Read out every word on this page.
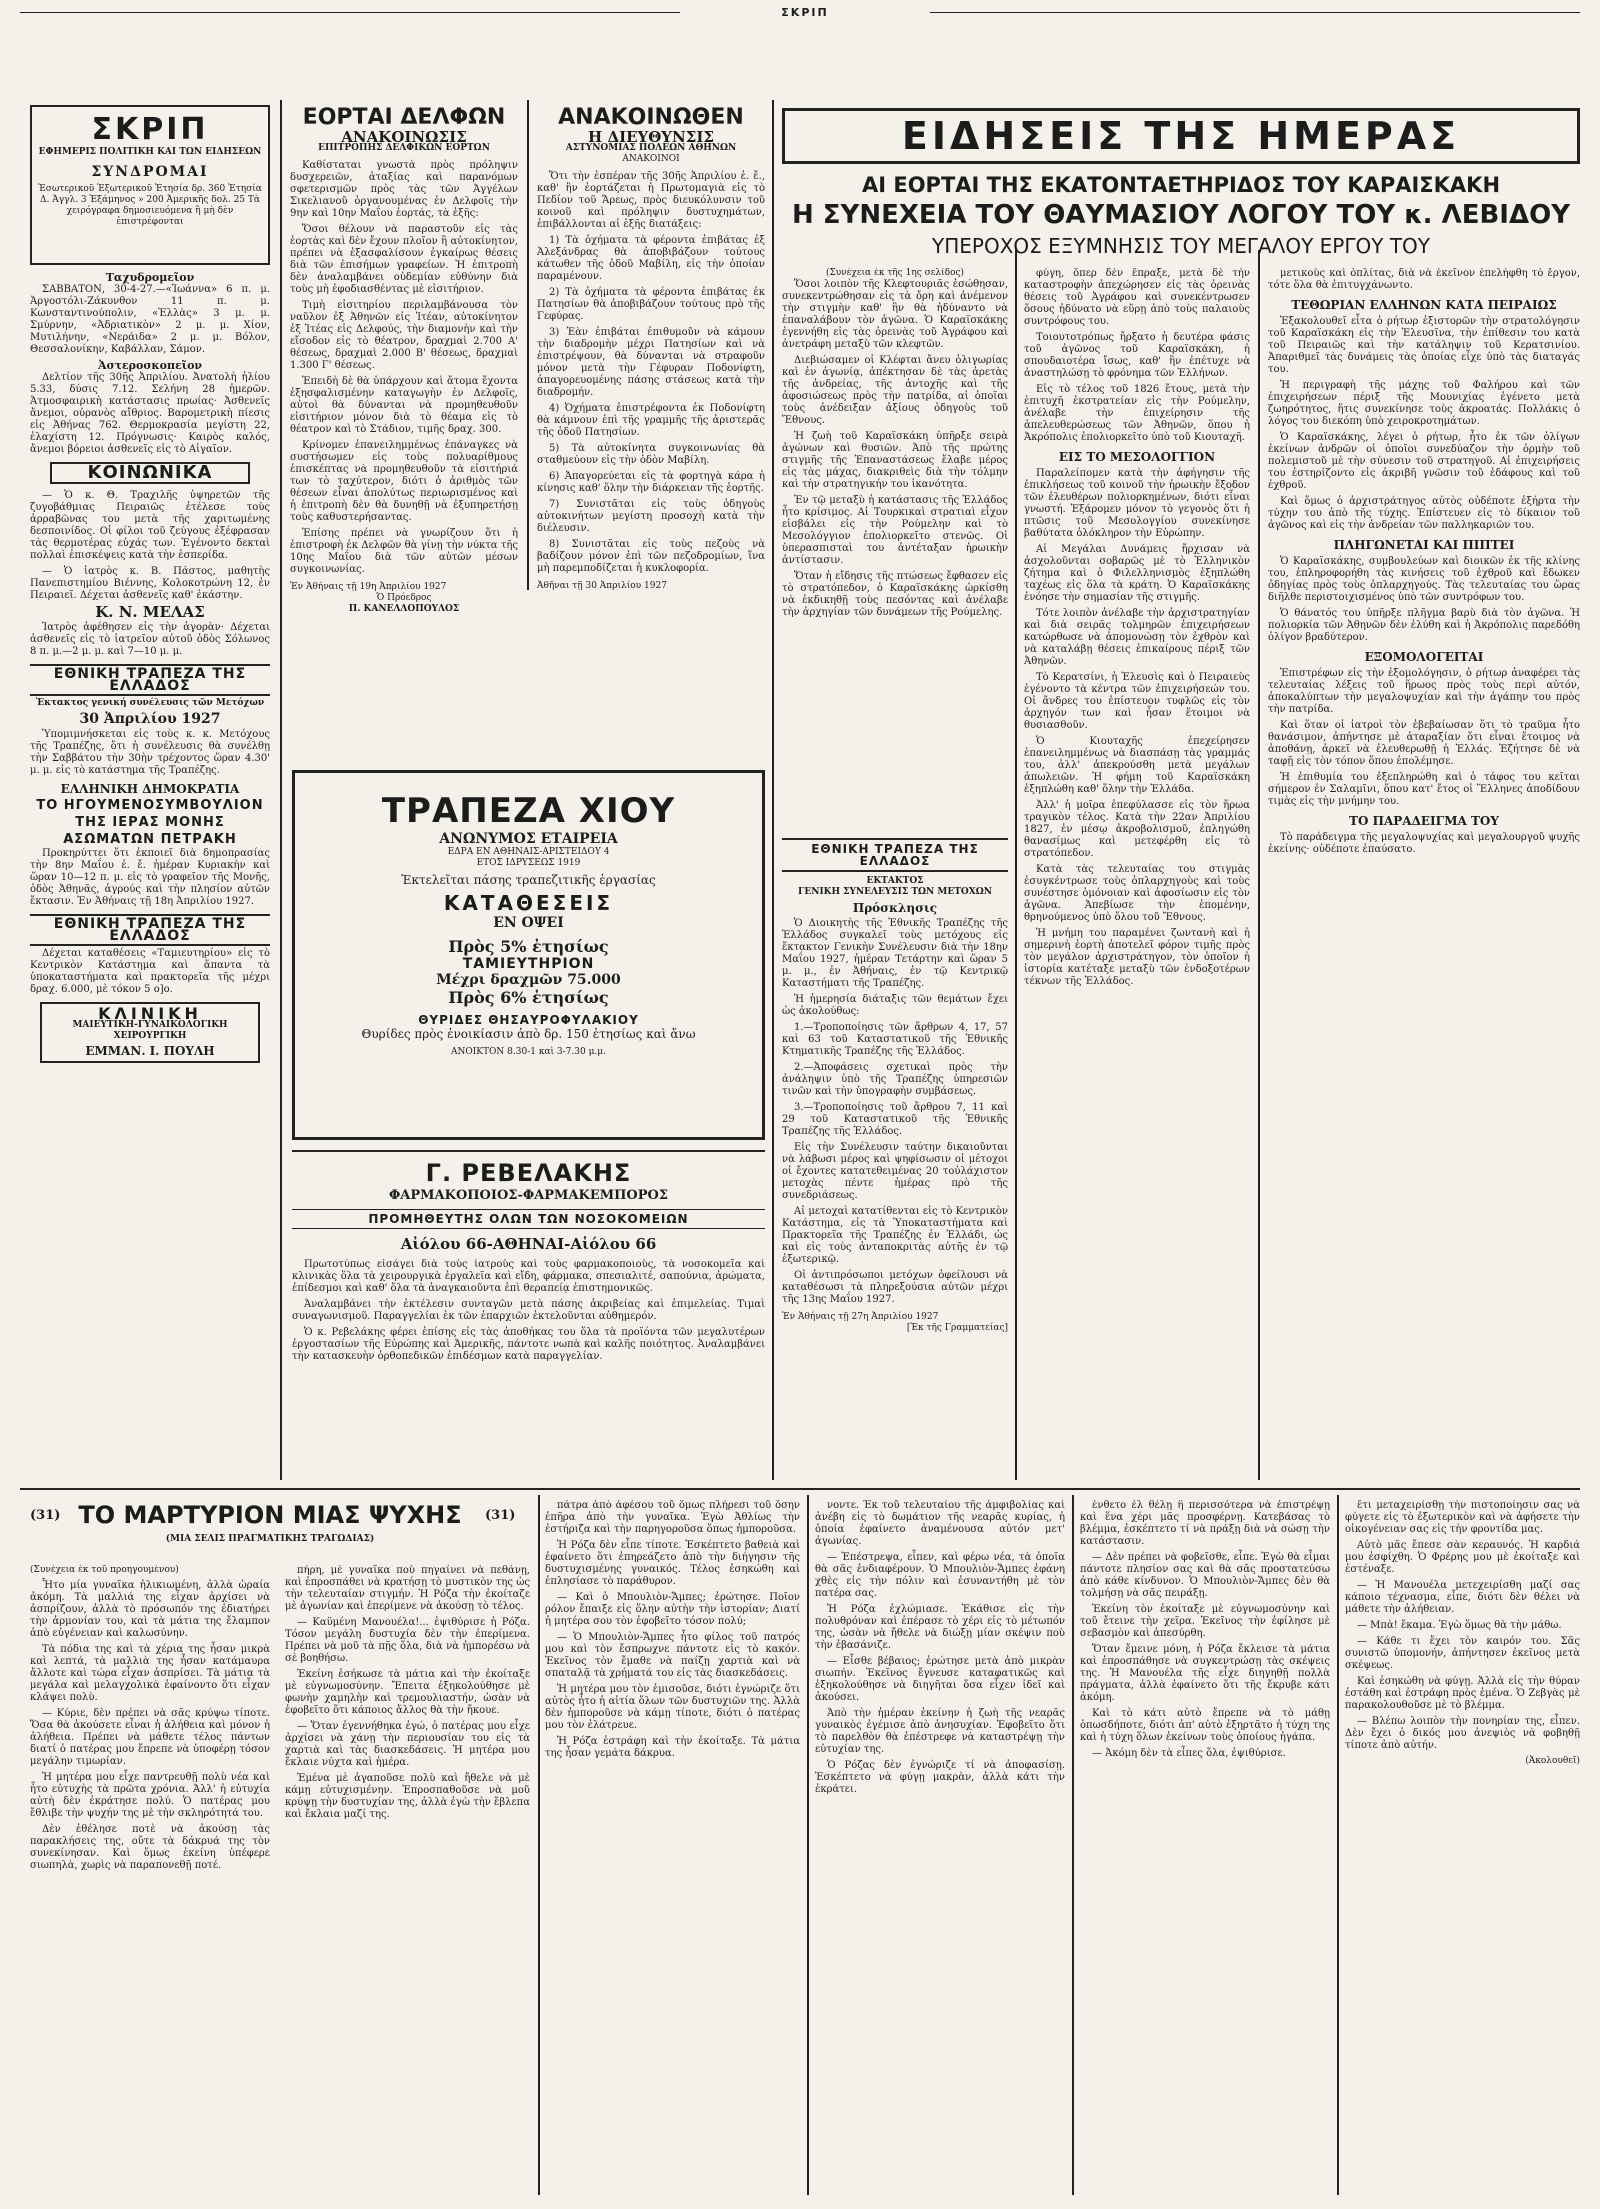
ΣΚΡΙΠ
ΣΚΡΙΠ
ΕΦΗΜΕΡΙΣ ΠΟΛΙΤΙΚΗ ΚΑΙ ΤΩΝ ΕΙΔΗΣΕΩΝ
ΣΥΝΔΡΟΜΑΙ
Ἐσωτερικοῦ Ἐξωτερικοῦ Ἐτησία δρ. 360 Ἐτησία Δ. Ἀγγλ. 3 Ἑξάμηνος » 200 Ἀμερικῆς δολ. 25 Τὰ χειρόγραφα δημοσιευόμενα ἢ μὴ δὲν ἐπιστρέφονται
Ταχυδρομεῖον

ΣΑΒΒΑΤΟΝ, 30-4-27.—«Ἰωάννα» 6 π. μ. Ἀργοστόλι-Ζάκυνθον 11 π. μ. Κωνσταντινούπολιν, «Ἑλλὰς» 3 μ. μ. Σμύρνην, «Ἀδριατικὸν» 2 μ. μ. Χίον, Μυτιλήνην, «Νεράιδα» 2 μ. μ. Βόλον, Θεσσαλονίκην, Καβάλλαν, Σάμον.

Ἀστεροσκοπεῖον

Δελτίον τῆς 30ῆς Ἀπριλίου. Ἀνατολὴ ἡλίου 5.33, δύσις 7.12. Σελήνη 28 ἡμερῶν. Ἀτμοσφαιρικὴ κατάστασις πρωίας· Ἀσθενεῖς ἄνεμοι, οὐρανὸς αἴθριος. Βαρομετρικὴ πίεσις εἰς Ἀθήνας 762. Θερμοκρασία μεγίστη 22, ἐλαχίστη 12. Πρόγνωσις· Καιρὸς καλός, ἄνεμοι βόρειοι ἀσθενεῖς εἰς τὸ Αἰγαῖον.

ΚΟΙΝΩΝΙΚΑ

— Ὁ κ. Θ. Τραχιλῆς ὑψηρετῶν τῆς ζυγοβάθμιας Πειραιῶς ἐτέλεσε τοὺς ἀρραβῶνας του μετὰ τῆς χαριτωμένης δεσποινίδος. Οἱ φίλοι τοῦ ζεύγους ἐξέφρασαν τὰς θερμοτέρας εὐχάς των. Ἐγένοντο δεκταὶ πολλαὶ ἐπισκέψεις κατὰ τὴν ἑσπερίδα.

— Ὁ ἰατρὸς κ. Β. Πάστος, μαθητὴς Πανεπιστημίου Βιέννης, Κολοκοτρώνη 12, ἐν Πειραιεῖ. Δέχεται ἀσθενεῖς καθ' ἑκάστην.

Κ. Ν. ΜΕΛΑΣ

Ἰατρὸς ἀφέθησεν εἰς τὴν ἀγορὰν· Δέχεται ἀσθενεῖς εἰς τὸ ἰατρεῖον αὐτοῦ ὁδὸς Σόλωνος 8 π. μ.—2 μ. μ. καὶ 7—10 μ. μ.

ΕΘΝΙΚΗ ΤΡΑΠΕΖΑ ΤΗΣ ΕΛΛΑΔΟΣ
Ἐκτακτος γενική συνέλευσις τῶν Μετόχων
30 Ἀπριλίου 1927

Ὑπομιμνήσκεται εἰς τοὺς κ. κ. Μετόχους τῆς Τραπέζης, ὅτι ἡ συνέλευσις θὰ συνέλθῃ τὴν Σαββάτου τὴν 30ὴν τρέχοντος ὥραν 4.30' μ. μ. εἰς τὸ κατάστημα τῆς Τραπέζης.

ΕΛΛΗΝΙΚΗ ΔΗΜΟΚΡΑΤΙΑ
ΤΟ ΗΓΟΥΜΕΝΟΣΥΜΒΟΥΛΙΟΝ ΤΗΣ ΙΕΡΑΣ ΜΟΝΗΣ ΑΣΩΜΑΤΩΝ ΠΕΤΡΑΚΗ

Προκηρύττει ὅτι ἐκποιεῖ διὰ δημοπρασίας τὴν 8ην Μαΐου ἐ. ἔ. ἡμέραν Κυριακὴν καὶ ὥραν 10—12 π. μ. εἰς τὸ γραφεῖον τῆς Μονῆς, ὁδὸς Ἀθηνᾶς, ἀγρούς καὶ τὴν πλησίον αὐτῶν ἔκτασιν. Ἐν Ἀθήναις τῇ 18η Ἀπριλίου 1927.

ΕΘΝΙΚΗ ΤΡΑΠΕΖΑ ΤΗΣ ΕΛΛΑΔΟΣ

Δέχεται καταθέσεις «Ταμιευτηρίου» εἰς τὸ Κεντρικὸν Κατάστημα καὶ ἅπαντα τὰ ὑποκαταστήματα καὶ πρακτορεῖα τῆς μέχρι δραχ. 6.000, μὲ τόκον 5 ο]ο.

ΚΛΙΝΙΚΗ
ΜΑΙΕΥΤΙΚΗ-ΓΥΝΑΙΚΟΛΟΓΙΚΗ ΧΕΙΡΟΥΡΓΙΚΗ
ΕΜΜΑΝ. Ι. ΠΟΥΛΗ
ΕΟΡΤΑΙ ΔΕΛΦΩΝ
ΑΝΑΚΟΙΝΩΣΙΣ
ΕΠΙΤΡΟΠΗΣ ΔΕΛΦΙΚΩΝ ΕΟΡΤΩΝ

Καθίσταται γνωστὰ πρὸς πρόληψιν δυσχερειῶν, ἀταξίας καὶ παρανόμων σφετερισμῶν πρὸς τὰς τῶν Ἀγγέλων Σικελιανοῦ ὀργανουμένας ἐν Δελφοῖς τὴν 9ην καὶ 10ην Μαΐου ἑορτάς, τὰ ἑξῆς:

Ὅσοι θέλουν νὰ παραστοῦν εἰς τὰς ἑορτὰς καὶ δὲν ἔχουν πλοῖον ἢ αὐτοκίνητον, πρέπει νὰ ἐξασφαλίσουν ἐγκαίρως θέσεις διὰ τῶν ἐπισήμων γραφείων. Ἡ ἐπιτροπὴ δὲν ἀναλαμβάνει οὐδεμίαν εὐθύνην διὰ τοὺς μὴ ἐφοδιασθέντας μὲ εἰσιτήριον.

Τιμὴ εἰσιτηρίου περιλαμβάνουσα τὸν ναῦλον ἐξ Ἀθηνῶν εἰς Ἰτέαν, αὐτοκίνητον ἐξ Ἰτέας εἰς Δελφούς, τὴν διαμονὴν καὶ τὴν εἴσοδον εἰς τὸ θέατρον, δραχμαὶ 2.700 Α' θέσεως, δραχμαὶ 2.000 Β' θέσεως, δραχμαὶ 1.300 Γ' θέσεως.

Ἐπειδὴ δὲ θὰ ὑπάρχουν καὶ ἄτομα ἔχοντα ἐξησφαλισμένην καταγωγὴν ἐν Δελφοῖς, αὐτοὶ θὰ δύνανται νὰ προμηθευθοῦν εἰσιτήριον μόνον διὰ τὸ θέαμα εἰς τὸ θέατρον καὶ τὸ Στάδιον, τιμῆς δραχ. 300.

Κρίνομεν ἐπανειλημμένως ἐπάναγκες νὰ συστήσωμεν εἰς τοὺς πολυαρίθμους ἐπισκέπτας νὰ προμηθευθοῦν τὰ εἰσιτήριά των τὸ ταχύτερον, διότι ὁ ἀριθμὸς τῶν θέσεων εἶναι ἀπολύτως περιωρισμένος καὶ ἡ ἐπιτροπὴ δὲν θὰ δυνηθῇ νὰ ἐξυπηρετήσῃ τοὺς καθυστερήσαντας.

Ἐπίσης πρέπει νὰ γνωρίζουν ὅτι ἡ ἐπιστροφὴ ἐκ Δελφῶν θὰ γίνῃ τὴν νύκτα τῆς 10ης Μαΐου διὰ τῶν αὐτῶν μέσων συγκοινωνίας.

Ἐν Ἀθήναις τῇ 19η Ἀπριλίου 1927
Ὁ Πρόεδρος
Π. ΚΑΝΕΛΛΟΠΟΥΛΟΣ
ΑΝΑΚΟΙΝΩΘΕΝ
Η ΔΙΕΥΘΥΝΣΙΣ
ΑΣΤΥΝΟΜΙΑΣ ΠΟΛΕΩΝ ΑΘΗΝΩΝ
ΑΝΑΚΟΙΝΟΙ

Ὅτι τὴν ἑσπέραν τῆς 30ῆς Ἀπριλίου ἐ. ἔ., καθ' ἣν ἑορτάζεται ἡ Πρωτομαγιὰ εἰς τὸ Πεδίον τοῦ Ἄρεως, πρὸς διευκόλυνσιν τοῦ κοινοῦ καὶ πρόληψιν δυστυχημάτων, ἐπιβάλλονται αἱ ἑξῆς διατάξεις:

1) Τὰ ὀχήματα τὰ φέροντα ἐπιβάτας ἐξ Ἀλεξάνδρας θὰ ἀποβιβάζουν τούτους κάτωθεν τῆς ὁδοῦ Μαβίλη, εἰς τὴν ὁποίαν παραμένουν.

2) Τὰ ὀχήματα τὰ φέροντα ἐπιβάτας ἐκ Πατησίων θὰ ἀποβιβάζουν τούτους πρὸ τῆς Γεφύρας.

3) Ἐὰν ἐπιβάται ἐπιθυμοῦν νὰ κάμουν τὴν διαδρομὴν μέχρι Πατησίων καὶ νὰ ἐπιστρέψουν, θὰ δύνανται νὰ στραφοῦν μόνον μετὰ τὴν Γέφυραν Ποδονίφτη, ἀπαγορευομένης πάσης στάσεως κατὰ τὴν διαδρομήν.

4) Ὀχήματα ἐπιστρέφοντα ἐκ Ποδονίφτη θὰ κάμνουν ἐπὶ τῆς γραμμῆς τῆς ἀριστερᾶς τῆς ὁδοῦ Πατησίων.

5) Τὰ αὐτοκίνητα συγκοινωνίας θὰ σταθμεύουν εἰς τὴν ὁδὸν Μαβίλη.

6) Ἀπαγορεύεται εἰς τὰ φορτηγὰ κάρα ἡ κίνησις καθ' ὅλην τὴν διάρκειαν τῆς ἑορτῆς.

7) Συνιστᾶται εἰς τοὺς ὁδηγοὺς αὐτοκινήτων μεγίστη προσοχὴ κατὰ τὴν διέλευσιν.

8) Συνιστᾶται εἰς τοὺς πεζοὺς νὰ βαδίζουν μόνον ἐπὶ τῶν πεζοδρομίων, ἵνα μὴ παρεμποδίζεται ἡ κυκλοφορία.

Ἀθῆναι τῇ 30 Ἀπριλίου 1927
ΕΙΔΗΣΕΙΣ ΤΗΣ ΗΜΕΡΑΣ
ΑΙ ΕΟΡΤΑΙ ΤΗΣ ΕΚΑΤΟΝΤΑΕΤΗΡΙΔΟΣ ΤΟΥ ΚΑΡΑΙΣΚΑΚΗ
Η ΣΥΝΕΧΕΙΑ ΤΟΥ ΘΑΥΜΑΣΙΟΥ ΛΟΓΟΥ ΤΟΥ κ. ΛΕΒΙΔΟΥ
ΥΠΕΡΟΧΟΣ ΕΞΥΜΝΗΣΙΣ ΤΟΥ ΜΕΓΑΛΟΥ ΕΡΓΟΥ ΤΟΥ
(Συνέχεια ἐκ τῆς 1ης σελίδος)

Ὅσοι λοιπὸν τῆς Κλεφτουριᾶς ἐσώθησαν, συνεκεντρώθησαν εἰς τὰ ὄρη καὶ ἀνέμενον τὴν στιγμὴν καθ' ἣν θὰ ἠδύναντο νὰ ἐπαναλάβουν τὸν ἀγῶνα. Ὁ Καραϊσκάκης ἐγεννήθη εἰς τὰς ὀρεινὰς τοῦ Ἀγράφου καὶ ἀνετράφη μεταξὺ τῶν κλεφτῶν.

Διεβιώσαμεν οἱ Κλέφται ἄνευ ὀλιγωρίας καὶ ἐν ἀγωνίᾳ, ἀπέκτησαν δὲ τὰς ἀρετὰς τῆς ἀνδρείας, τῆς ἀντοχῆς καὶ τῆς ἀφοσιώσεως πρὸς τὴν πατρίδα, αἱ ὁποῖαι τοὺς ἀνέδειξαν ἀξίους ὁδηγοὺς τοῦ Ἔθνους.

Ἡ ζωὴ τοῦ Καραϊσκάκη ὑπῆρξε σειρὰ ἀγώνων καὶ θυσιῶν. Ἀπὸ τῆς πρώτης στιγμῆς τῆς Ἐπαναστάσεως ἔλαβε μέρος εἰς τὰς μάχας, διακριθεὶς διὰ τὴν τόλμην καὶ τὴν στρατηγικήν του ἱκανότητα.

Ἐν τῷ μεταξὺ ἡ κατάστασις τῆς Ἑλλάδος ἦτο κρίσιμος. Αἱ Τουρκικαὶ στρατιαὶ εἶχον εἰσβάλει εἰς τὴν Ρούμελην καὶ τὸ Μεσολόγγιον ἐπολιορκεῖτο στενῶς. Οἱ ὑπερασπισταὶ του ἀντέταξαν ἡρωικὴν ἀντίστασιν.

Ὅταν ἡ εἴδησις τῆς πτώσεως ἔφθασεν εἰς τὸ στρατόπεδον, ὁ Καραϊσκάκης ὡρκίσθη νὰ ἐκδικηθῇ τοὺς πεσόντας καὶ ἀνέλαβε τὴν ἀρχηγίαν τῶν δυνάμεων τῆς Ρούμελης.

φύγη, ὅπερ δὲν ἔπραξε, μετὰ δὲ τὴν καταστροφὴν ἀπεχώρησεν εἰς τὰς ὀρεινὰς θέσεις τοῦ Ἀγράφου καὶ συνεκέντρωσεν ὅσους ἠδύνατο νὰ εὕρῃ ἀπὸ τοὺς παλαιοὺς συντρόφους του.

Τοιουτοτρόπως ἤρξατο ἡ δευτέρα φάσις τοῦ ἀγῶνος τοῦ Καραϊσκάκη, ἡ σπουδαιοτέρα ἴσως, καθ' ἣν ἐπέτυχε νὰ ἀναστηλώσῃ τὸ φρόνημα τῶν Ἑλλήνων.

Εἰς τὸ τέλος τοῦ 1826 ἔτους, μετὰ τὴν ἐπιτυχῆ ἐκστρατείαν εἰς τὴν Ρούμελην, ἀνέλαβε τὴν ἐπιχείρησιν τῆς ἀπελευθερώσεως τῶν Ἀθηνῶν, ὅπου ἡ Ἀκρόπολις ἐπολιορκεῖτο ὑπὸ τοῦ Κιουταχῆ.

ΕΙΣ ΤΟ ΜΕΣΟΛΟΓΓΙΟΝ

Παραλείπομεν κατὰ τὴν ἀφήγησιν τῆς ἐπικλήσεως τοῦ κοινοῦ τὴν ἡρωικὴν ἔξοδον τῶν ἐλευθέρων πολιορκημένων, διότι εἶναι γνωστή. Ἐξάρομεν μόνον τὸ γεγονὸς ὅτι ἡ πτῶσις τοῦ Μεσολογγίου συνεκίνησε βαθύτατα ὁλόκληρον τὴν Εὐρώπην.

Αἱ Μεγάλαι Δυνάμεις ἤρχισαν νὰ ἀσχολοῦνται σοβαρῶς μὲ τὸ Ἑλληνικὸν ζήτημα καὶ ὁ Φιλελληνισμὸς ἐξηπλώθη ταχέως εἰς ὅλα τὰ κράτη. Ὁ Καραϊσκάκης ἐνόησε τὴν σημασίαν τῆς στιγμῆς.

Τότε λοιπὸν ἀνέλαβε τὴν ἀρχιστρατηγίαν καὶ διὰ σειρᾶς τολμηρῶν ἐπιχειρήσεων κατώρθωσε νὰ ἀπομονώσῃ τὸν ἐχθρὸν καὶ νὰ καταλάβῃ θέσεις ἐπικαίρους πέριξ τῶν Ἀθηνῶν.

Τὸ Κερατσίνι, ἡ Ἐλευσὶς καὶ ὁ Πειραιεὺς ἐγένοντο τὰ κέντρα τῶν ἐπιχειρήσεών του. Οἱ ἄνδρες του ἐπίστευον τυφλῶς εἰς τὸν ἀρχηγόν των καὶ ἦσαν ἕτοιμοι νὰ θυσιασθοῦν.

Ὁ Κιουταχῆς ἐπεχείρησεν ἐπανειλημμένως νὰ διασπάσῃ τὰς γραμμάς του, ἀλλ' ἀπεκρούσθη μετὰ μεγάλων ἀπωλειῶν. Ἡ φήμη τοῦ Καραϊσκάκη ἐξηπλώθη καθ' ὅλην τὴν Ἑλλάδα.

Ἀλλ' ἡ μοῖρα ἐπεφύλασσε εἰς τὸν ἥρωα τραγικὸν τέλος. Κατὰ τὴν 22αν Ἀπριλίου 1827, ἐν μέσῳ ἀκροβολισμοῦ, ἐπληγώθη θανασίμως καὶ μετεφέρθη εἰς τὸ στρατόπεδον.

Κατὰ τὰς τελευταίας του στιγμὰς ἐσυγκέντρωσε τοὺς ὁπλαρχηγοὺς καὶ τοὺς συνέστησε ὁμόνοιαν καὶ ἀφοσίωσιν εἰς τὸν ἀγῶνα. Ἀπεβίωσε τὴν ἑπομένην, θρηνούμενος ὑπὸ ὅλου τοῦ Ἔθνους.

Ἡ μνήμη του παραμένει ζωντανὴ καὶ ἡ σημερινὴ ἑορτὴ ἀποτελεῖ φόρον τιμῆς πρὸς τὸν μεγάλον ἀρχιστράτηγον, τὸν ὁποῖον ἡ ἱστορία κατέταξε μεταξὺ τῶν ἐνδοξοτέρων τέκνων τῆς Ἑλλάδος.

μετικοὺς καὶ ὁπλίτας, διὰ νὰ ἐκεῖνον ἐπελήφθη τὸ ἔργον, τότε ὅλα θὰ ἐπιτυγχάνωντο.

ΤΕΘΩΡΙΑΝ ΕΛΛΗΝΩΝ ΚΑΤΑ ΠΕΙΡΑΙΩΣ

Ἐξακολουθεῖ εἶτα ὁ ρήτωρ ἐξιστορῶν τὴν στρατολόγησιν τοῦ Καραϊσκάκη εἰς τὴν Ἐλευσῖνα, τὴν ἐπίθεσιν του κατὰ τοῦ Πειραιῶς καὶ τὴν κατάληψιν τοῦ Κερατσινίου. Ἀπαριθμεῖ τὰς δυνάμεις τὰς ὁποίας εἶχε ὑπὸ τὰς διαταγάς του.

Ἡ περιγραφὴ τῆς μάχης τοῦ Φαλήρου καὶ τῶν ἐπιχειρήσεων πέριξ τῆς Μουνιχίας ἐγένετο μετὰ ζωηρότητος, ἥτις συνεκίνησε τοὺς ἀκροατάς. Πολλάκις ὁ λόγος του διεκόπη ὑπὸ χειροκροτημάτων.

Ὁ Καραϊσκάκης, λέγει ὁ ρήτωρ, ἦτο ἐκ τῶν ὀλίγων ἐκείνων ἀνδρῶν οἱ ὁποῖοι συνεδύαζον τὴν ὁρμὴν τοῦ πολεμιστοῦ μὲ τὴν σύνεσιν τοῦ στρατηγοῦ. Αἱ ἐπιχειρήσεις του ἐστηρίζοντο εἰς ἀκριβῆ γνῶσιν τοῦ ἐδάφους καὶ τοῦ ἐχθροῦ.

Καὶ ὅμως ὁ ἀρχιστράτηγος αὐτὸς οὐδέποτε ἐξήρτα τὴν τύχην του ἀπὸ τῆς τύχης. Ἐπίστευεν εἰς τὸ δίκαιον τοῦ ἀγῶνος καὶ εἰς τὴν ἀνδρείαν τῶν παλληκαριῶν του.

ΠΛΗΓΩΝΕΤΑΙ ΚΑΙ ΠΙΠΤΕΙ

Ὁ Καραϊσκάκης, συμβουλεύων καὶ διοικῶν ἐκ τῆς κλίνης του, ἐπληροφορήθη τὰς κινήσεις τοῦ ἐχθροῦ καὶ ἔδωκεν ὁδηγίας πρὸς τοὺς ὁπλαρχηγούς. Τὰς τελευταίας του ὥρας διῆλθε περιστοιχισμένος ὑπὸ τῶν συντρόφων του.

Ὁ θάνατός του ὑπῆρξε πλῆγμα βαρὺ διὰ τὸν ἀγῶνα. Ἡ πολιορκία τῶν Ἀθηνῶν δὲν ἐλύθη καὶ ἡ Ἀκρόπολις παρεδόθη ὀλίγον βραδύτερον.

ΕΞΟΜΟΛΟΓΕΙΤΑΙ

Ἐπιστρέφων εἰς τὴν ἐξομολόγησιν, ὁ ρήτωρ ἀναφέρει τὰς τελευταίας λέξεις τοῦ ἥρωος πρὸς τοὺς περὶ αὐτόν, ἀποκαλύπτων τὴν μεγαλοψυχίαν καὶ τὴν ἀγάπην του πρὸς τὴν πατρίδα.

Καὶ ὅταν οἱ ἰατροὶ τὸν ἐβεβαίωσαν ὅτι τὸ τραῦμα ἦτο θανάσιμον, ἀπήντησε μὲ ἀταραξίαν ὅτι εἶναι ἕτοιμος νὰ ἀποθάνῃ, ἀρκεῖ νὰ ἐλευθερωθῇ ἡ Ἑλλάς. Ἐζήτησε δὲ νὰ ταφῇ εἰς τὸν τόπον ὅπου ἐπολέμησε.

Ἡ ἐπιθυμία του ἐξεπληρώθη καὶ ὁ τάφος του κεῖται σήμερον ἐν Σαλαμῖνι, ὅπου κατ' ἔτος οἱ Ἕλληνες ἀποδίδουν τιμὰς εἰς τὴν μνήμην του.

ΤΟ ΠΑΡΑΔΕΙΓΜΑ ΤΟΥ

Τὸ παράδειγμα τῆς μεγαλοψυχίας καὶ μεγαλουργοῦ ψυχῆς ἐκείνης· οὐδέποτε ἐπαύσατο.

ΕΘΝΙΚΗ ΤΡΑΠΕΖΑ ΤΗΣ ΕΛΛΑΔΟΣ
ΕΚΤΑΚΤΟΣ
ΓΕΝΙΚΗ ΣΥΝΕΛΕΥΣΙΣ ΤΩΝ ΜΕΤΟΧΩΝ
Πρόσκλησις

Ὁ Διοικητὴς τῆς Ἐθνικῆς Τραπέζης τῆς Ἑλλάδος συγκαλεῖ τοὺς μετόχους εἰς ἔκτακτον Γενικὴν Συνέλευσιν διὰ τὴν 18ην Μαΐου 1927, ἡμέραν Τετάρτην καὶ ὥραν 5 μ. μ., ἐν Ἀθήναις, ἐν τῷ Κεντρικῷ Καταστήματι τῆς Τραπέζης.

Ἡ ἡμερησία διάταξις τῶν θεμάτων ἔχει ὡς ἀκολούθως:

1.—Τροποποίησις τῶν ἄρθρων 4, 17, 57 καὶ 63 τοῦ Καταστατικοῦ τῆς Ἐθνικῆς Κτηματικῆς Τραπέζης τῆς Ἑλλάδος.

2.—Ἀποφάσεις σχετικαὶ πρὸς τὴν ἀνάληψιν ὑπὸ τῆς Τραπέζης ὑπηρεσιῶν τινῶν καὶ τὴν ὑπογραφὴν συμβάσεως.

3.—Τροποποίησις τοῦ ἄρθρου 7, 11 καὶ 29 τοῦ Καταστατικοῦ τῆς Ἐθνικῆς Τραπέζης τῆς Ἑλλάδος.

Εἰς τὴν Συνέλευσιν ταύτην δικαιοῦνται νὰ λάβωσι μέρος καὶ ψηφίσωσιν οἱ μέτοχοι οἱ ἔχοντες κατατεθειμένας 20 τοὐλάχιστον μετοχὰς πέντε ἡμέρας πρὸ τῆς συνεδριάσεως.

Αἱ μετοχαὶ κατατίθενται εἰς τὸ Κεντρικὸν Κατάστημα, εἰς τὰ Ὑποκαταστήματα καὶ Πρακτορεῖα τῆς Τραπέζης ἐν Ἑλλάδι, ὡς καὶ εἰς τοὺς ἀνταποκριτὰς αὐτῆς ἐν τῷ ἐξωτερικῷ.

Οἱ ἀντιπρόσωποι μετόχων ὀφείλουσι νὰ καταθέσωσι τὰ πληρεξούσια αὐτῶν μέχρι τῆς 13ης Μαΐου 1927.

Ἐν Ἀθήναις τῇ 27η Ἀπριλίου 1927
[Ἐκ τῆς Γραμματείας]
ΤΡΑΠΕΖΑ ΧΙΟΥ
ΑΝΩΝΥΜΟΣ ΕΤΑΙΡΕΙΑ
ΕΔΡΑ ΕΝ ΑΘΗΝΑΙΣ-ΑΡΙΣΤΕΙΔΟΥ 4
ΕΤΟΣ ΙΔΡΥΣΕΩΣ 1919
Ἐκτελεῖται πάσης τραπεζιτικῆς ἐργασίας
ΚΑΤΑΘΕΣΕΙΣ
ΕΝ ΟΨΕΙ
Πρὸς 5% ἐτησίως
ΤΑΜΙΕΥΤΗΡΙΟΝ
Μέχρι δραχμῶν 75.000
Πρὸς 6% ἐτησίως
ΘΥΡΙΔΕΣ ΘΗΣΑΥΡΟΦΥΛΑΚΙΟΥ
Θυρίδες πρὸς ἐνοικίασιν ἀπὸ δρ. 150 ἐτησίως καὶ ἄνω
ΑΝΟΙΚΤΟΝ 8.30-1 καὶ 3-7.30 μ.μ.
Γ. ΡΕΒΕΛΑΚΗΣ
ΦΑΡΜΑΚΟΠΟΙΟΣ-ΦΑΡΜΑΚΕΜΠΟΡΟΣ
ΠΡΟΜΗΘΕΥΤΗΣ ΟΛΩΝ ΤΩΝ ΝΟΣΟΚΟΜΕΙΩΝ
Αἰόλου 66-ΑΘΗΝΑΙ-Αἰόλου 66

Πρωτοτύπως εἰσάγει διὰ τοὺς ἰατροὺς καὶ τοὺς φαρμακοποιοὺς, τὰ νοσοκομεῖα καὶ κλινικὰς ὅλα τὰ χειρουργικὰ ἐργαλεῖα καὶ εἴδη, φάρμακα, σπεσιαλιτέ, σαπούνια, ἀρώματα, ἐπίδεσμοι καὶ καθ' ὅλα τὰ ἀναγκαιοῦντα ἐπὶ θεραπείᾳ ἐπιστημονικῶς.

Ἀναλαμβάνει τὴν ἐκτέλεσιν συνταγῶν μετὰ πάσης ἀκριβείας καὶ ἐπιμελείας. Τιμαὶ συναγωνισμοῦ. Παραγγελίαι ἐκ τῶν ἐπαρχιῶν ἐκτελοῦνται αὐθημερόν.

Ὁ κ. Ρεβελάκης φέρει ἐπίσης εἰς τὰς ἀποθήκας του ὅλα τὰ προϊόντα τῶν μεγαλυτέρων ἐργοστασίων τῆς Εὐρώπης καὶ Ἀμερικῆς, πάντοτε νωπὰ καὶ καλῆς ποιότητος. Ἀναλαμβάνει τὴν κατασκευὴν ὀρθοπεδικῶν ἐπιδέσμων κατὰ παραγγελίαν.

(31) ΤΟ ΜΑΡΤΥΡΙΟΝ ΜΙΑΣ ΨΥΧΗΣ	(31)
(ΜΙΑ ΣΕΛΙΣ ΠΡΑΓΜΑΤΙΚΗΣ ΤΡΑΓΩΔΙΑΣ)
(Συνέχεια ἐκ τοῦ προηγουμένου)

Ἦτο μία γυναῖκα ἡλικιωμένη, ἀλλὰ ὡραία ἀκόμη. Τὰ μαλλιά της εἶχαν ἀρχίσει νὰ ἀσπρίζουν, ἀλλὰ τὸ πρόσωπόν της ἐδιατήρει τὴν ἁρμονίαν του, καὶ τὰ μάτια της ἔλαμπον ἀπὸ εὐγένειαν καὶ καλωσύνην.

Τὰ πόδια της καὶ τὰ χέρια της ἦσαν μικρὰ καὶ λεπτά, τὰ μαλλιὰ της ἦσαν κατάμαυρα ἄλλοτε καὶ τώρα εἶχαν ἀσπρίσει. Τὰ μάτια τὰ μεγάλα καὶ μελαγχολικὰ ἐφαίνοντο ὅτι εἶχαν κλάψει πολὺ.

— Κύριε, δὲν πρέπει νὰ σᾶς κρύψω τίποτε. Ὅσα θὰ ἀκούσετε εἶναι ἡ ἀλήθεια καὶ μόνον ἡ ἀλήθεια. Πρέπει νὰ μάθετε τέλος πάντων διατί ὁ πατέρας μου ἔπρεπε νὰ ὑποφέρῃ τόσον μεγάλην τιμωρίαν.

Ἡ μητέρα μου εἶχε παντρευθῇ πολὺ νέα καὶ ἦτο εὐτυχὴς τὰ πρῶτα χρόνια. Ἀλλ' ἡ εὐτυχία αὐτὴ δὲν ἐκράτησε πολύ. Ὁ πατέρας μου ἔθλιβε τὴν ψυχήν της μὲ τὴν σκληρότητά του.

Δὲν ἐθέλησε ποτὲ νὰ ἀκούσῃ τὰς παρακλήσεις της, οὔτε τὰ δάκρυά της τὸν συνεκίνησαν. Καὶ ὅμως ἐκείνη ὑπέφερε σιωπηλὰ, χωρὶς νὰ παραπονεθῇ ποτέ.

πήρη, μὲ γυναῖκα ποὺ πηγαίνει νὰ πεθάνῃ, καὶ ἐπροσπάθει νὰ κρατήσῃ τὸ μυστικὸν της ὡς τὴν τελευταίαν στιγμήν. Ἡ Ρόζα τὴν ἐκοίταζε μὲ ἀγωνίαν καὶ ἐπερίμενε νὰ ἀκούσῃ τὸ τέλος.

— Καϋμένη Μανουέλα!... ἐψιθύρισε ἡ Ρόζα. Τόσον μεγάλη δυστυχία δὲν τὴν ἐπερίμενα. Πρέπει νὰ μοῦ τὰ πῇς ὅλα, διὰ νὰ ἠμπορέσω νὰ σὲ βοηθήσω.

Ἐκείνη ἐσήκωσε τὰ μάτια καὶ τὴν ἐκοίταξε μὲ εὐγνωμοσύνην. Ἔπειτα ἐξηκολούθησε μὲ φωνὴν χαμηλὴν καὶ τρεμουλιαστήν, ὡσὰν νὰ ἐφοβεῖτο ὅτι κάποιος ἄλλος θὰ τὴν ἤκουε.

— Ὅταν ἐγεννήθηκα ἐγώ, ὁ πατέρας μου εἶχε ἀρχίσει νὰ χάνῃ τὴν περιουσίαν του εἰς τὰ χαρτιὰ καὶ τὰς διασκεδάσεις. Ἡ μητέρα μου ἔκλαιε νύχτα καὶ ἡμέρα.

Ἐμένα μὲ ἀγαποῦσε πολὺ καὶ ἤθελε νὰ μὲ κάμῃ εὐτυχισμένην. Ἐπροσπαθοῦσε νὰ μοῦ κρύψῃ τὴν δυστυχίαν της, ἀλλὰ ἐγὼ τὴν ἔβλεπα καὶ ἔκλαια μαζί της.

πάτρα ἀπὸ ἀφέσου τοῦ ὅμως πλήρεσι τοῦ ὅσην ἐπῆρα ἀπὸ τὴν γυναῖκα. Ἐγὼ Ἀθλίως τὴν ἐστήριζα καὶ τὴν παρηγοροῦσα ὅπως ἠμποροῦσα.

Ἡ Ρόζα δὲν εἶπε τίποτε. Ἐσκέπτετο βαθειὰ καὶ ἐφαίνετο ὅτι ἐπηρεάζετο ἀπὸ τὴν διήγησιν τῆς δυστυχισμένης γυναικός. Τέλος ἐσηκώθη καὶ ἐπλησίασε τὸ παράθυρον.

— Καὶ ὁ Μπουλιὸν-Ἄμπες; ἐρώτησε. Ποῖον ρόλον ἔπαιξε εἰς ὅλην αὐτὴν τὴν ἱστορίαν; Διατί ἡ μητέρα σου τὸν ἐφοβεῖτο τόσον πολύ;

— Ὁ Μπουλιὸν-Ἄμπες ἦτο φίλος τοῦ πατρός μου καὶ τὸν ἔσπρωχνε πάντοτε εἰς τὸ κακόν. Ἐκεῖνος τὸν ἔμαθε νὰ παίζῃ χαρτιὰ καὶ νὰ σπαταλᾷ τὰ χρήματά του εἰς τὰς διασκεδάσεις.

Ἡ μητέρα μου τὸν ἐμισοῦσε, διότι ἐγνώριζε ὅτι αὐτὸς ἦτο ἡ αἰτία ὅλων τῶν δυστυχιῶν της. Ἀλλὰ δὲν ἠμποροῦσε νὰ κάμῃ τίποτε, διότι ὁ πατέρας μου τὸν ἐλάτρευε.

Ἡ Ρόζα ἐστράφη καὶ τὴν ἐκοίταξε. Τὰ μάτια της ἦσαν γεμάτα δάκρυα.

νοντε. Ἐκ τοῦ τελευταίου τῆς ἀμφιβολίας καὶ ἀνέβη εἰς τὸ δωμάτιον τῆς νεαρᾶς κυρίας, ἡ ὁποία ἐφαίνετο ἀναμένουσα αὐτόν μετ' ἀγωνίας.

— Ἐπέστρεψα, εἶπεν, καὶ φέρω νέα, τὰ ὁποῖα θὰ σᾶς ἐνδιαφέρουν. Ὁ Μπουλιὸν-Ἄμπες ἐφάνη χθὲς εἰς τὴν πόλιν καὶ ἐσυναντήθη μὲ τὸν πατέρα σας.

Ἡ Ρόζα ἐχλώμιασε. Ἐκάθισε εἰς τὴν πολυθρόναν καὶ ἐπέρασε τὸ χέρι εἰς τὸ μέτωπόν της, ὡσὰν νὰ ἤθελε νὰ διώξῃ μίαν σκέψιν ποὺ τὴν ἐβασάνιζε.

— Εἶσθε βέβαιος; ἐρώτησε μετὰ ἀπὸ μικρὰν σιωπήν. Ἐκεῖνος ἔγνευσε καταφατικῶς καὶ ἐξηκολούθησε νὰ διηγῆται ὅσα εἶχεν ἰδεῖ καὶ ἀκούσει.

Ἀπὸ τὴν ἡμέραν ἐκείνην ἡ ζωὴ τῆς νεαρᾶς γυναικὸς ἐγέμισε ἀπὸ ἀνησυχίαν. Ἐφοβεῖτο ὅτι τὸ παρελθὸν θὰ ἐπέστρεφε νὰ καταστρέψῃ τὴν εὐτυχίαν της.

Ὁ Ρόζας δὲν ἐγνώριζε τί νὰ ἀποφασίσῃ. Ἐσκέπτετο νὰ φύγῃ μακρὰν, ἀλλὰ κάτι τὴν ἐκράτει.

ἐνθετο ἐλ θέλῃ ἢ περισσότερα νὰ ἐπιστρέψῃ καὶ ἕνα χέρι μᾶς προσφέρνῃ. Κατεβάσας τὸ βλέμμα, ἐσκέπτετο τί νὰ πράξῃ διὰ νὰ σώσῃ τὴν κατάστασιν.

— Δὲν πρέπει νὰ φοβεῖσθε, εἶπε. Ἐγὼ θὰ εἶμαι πάντοτε πλησίον σας καὶ θὰ σᾶς προστατεύσω ἀπὸ κάθε κίνδυνον. Ὁ Μπουλιὸν-Ἄμπες δὲν θὰ τολμήσῃ νὰ σᾶς πειράξῃ.

Ἐκείνη τὸν ἐκοίταξε μὲ εὐγνωμοσύνην καὶ τοῦ ἔτεινε τὴν χεῖρα. Ἐκεῖνος τὴν ἐφίλησε μὲ σεβασμὸν καὶ ἀπεσύρθη.

Ὅταν ἔμεινε μόνη, ἡ Ρόζα ἔκλεισε τὰ μάτια καὶ ἐπροσπάθησε νὰ συγκεντρώσῃ τὰς σκέψεις της. Ἡ Μανουέλα τῆς εἶχε διηγηθῇ πολλὰ πράγματα, ἀλλὰ ἐφαίνετο ὅτι τῆς ἔκρυβε κάτι ἀκόμη.

Καὶ τὸ κάτι αὐτὸ ἔπρεπε νὰ τὸ μάθῃ ὁπωσδήποτε, διότι ἀπ' αὐτὸ ἐξηρτᾶτο ἡ τύχη της καὶ ἡ τύχη ὅλων ἐκείνων τοὺς ὁποίους ἠγάπα.

— Ἀκόμη δὲν τὰ εἶπες ὅλα, ἐψιθύρισε.

ἔτι μεταχειρίσθῃ τὴν πιστοποίησιν σας νὰ φύγετε εἰς τὸ ἐξωτερικὸν καὶ νὰ ἀφήσετε τὴν οἰκογένειαν σας εἰς τὴν φροντίδα μας.

Αὐτὸ μᾶς ἔπεσε σὰν κεραυνός. Ἡ καρδιά μου ἐσφίχθη. Ὁ Φρέρης μου μὲ ἐκοίταξε καὶ ἐστέναξε.

— Ἡ Μανουέλα μετεχειρίσθη μαζί σας κάποιο τέχνασμα, εἶπε, διότι δὲν θέλει νὰ μάθετε τὴν ἀλήθειαν.

— Μπὰ! ἔκαμα. Ἐγὼ ὅμως θὰ τὴν μάθω.

— Κάθε τι ἔχει τὸν καιρόν του. Σᾶς συνιστῶ ὑπομονήν, ἀπήντησεν ἐκεῖνος μετὰ σκέψεως.

Καὶ ἐσηκώθη νὰ φύγῃ. Ἀλλὰ εἰς τὴν θύραν ἐστάθη καὶ ἐστράφη πρὸς ἐμένα. Ὁ Ζεβγὰς μὲ παρακολουθοῦσε μὲ τὸ βλέμμα.

— Βλέπω λοιπὸν τὴν πονηρίαν της, εἶπεν. Δὲν ἔχει ὁ δικός μου ἀνεψιὸς νὰ φοβηθῇ τίποτε ἀπὸ αὐτήν.

(Ἀκολουθεῖ)
